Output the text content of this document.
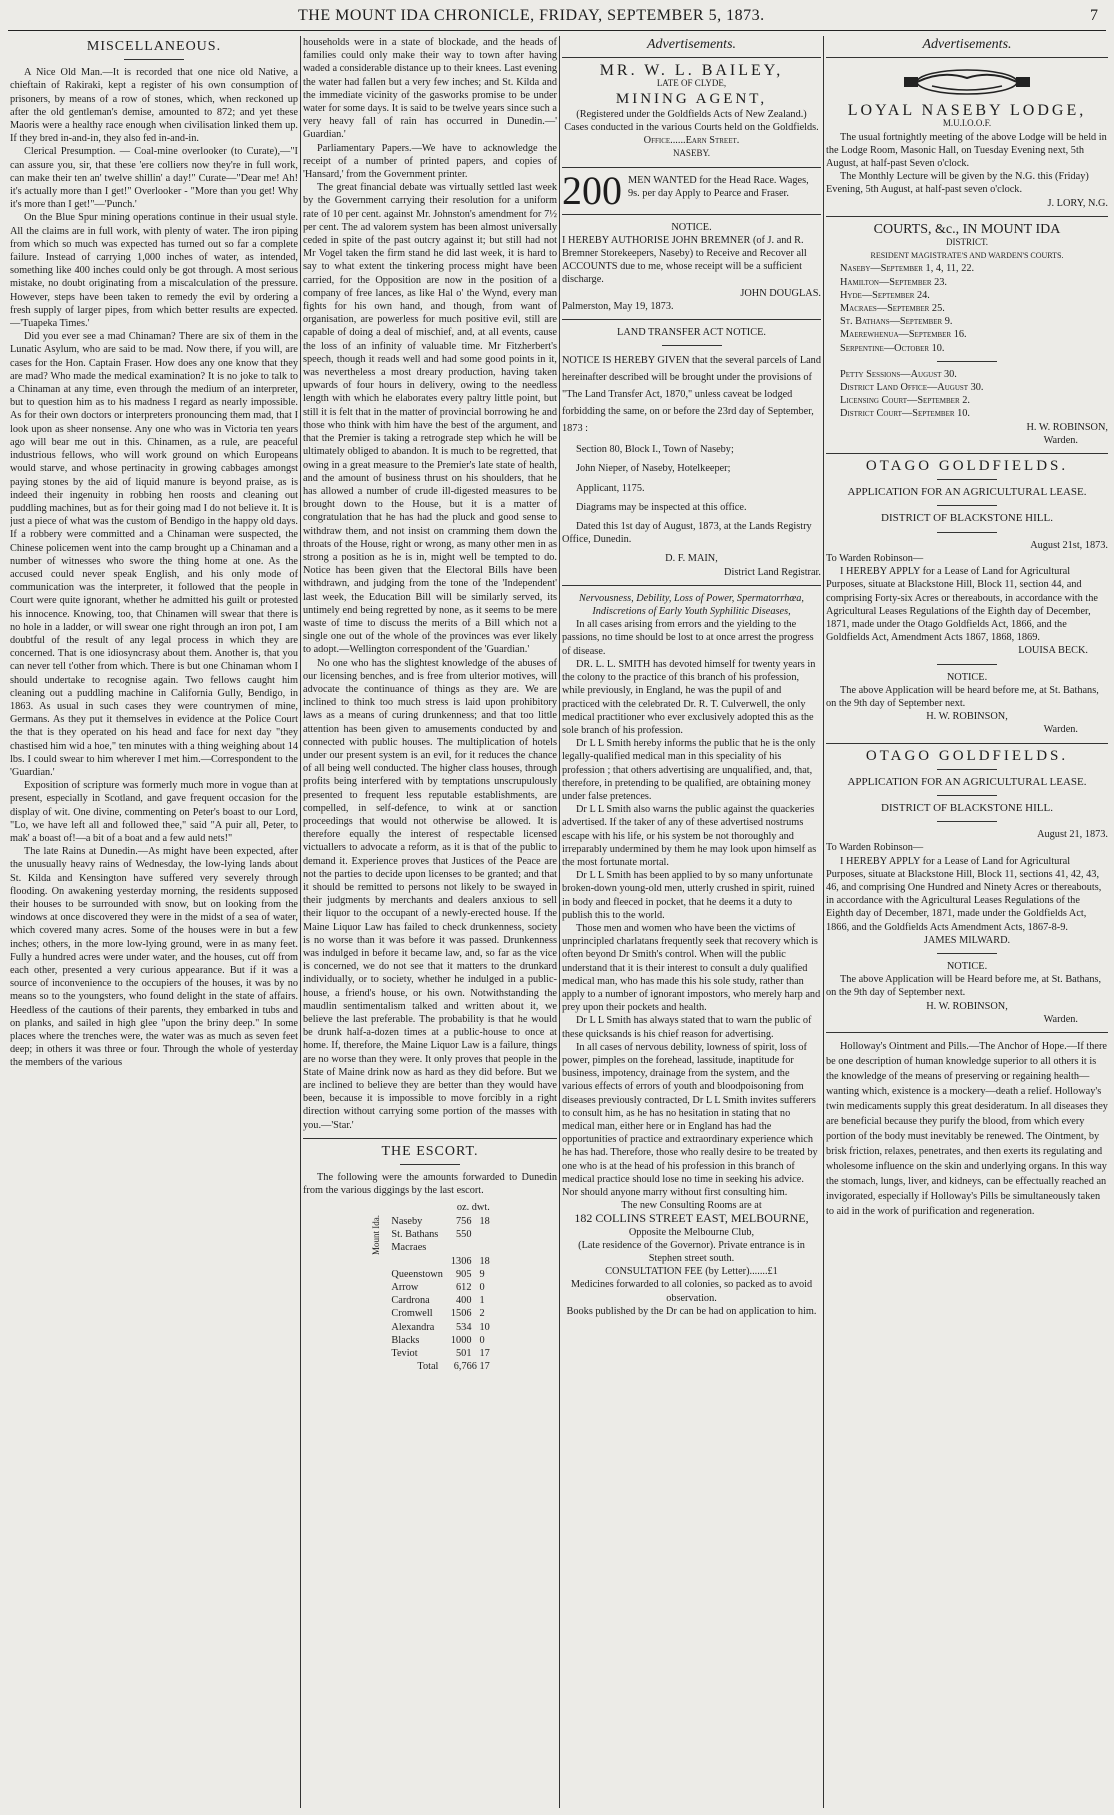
THE MOUNT IDA CHRONICLE, FRIDAY, SEPTEMBER 5, 1873.	7
MISCELLANEOUS.

A Nice Old Man.—It is recorded that one nice old Native, a chieftain of Rakiraki, kept a register of his own consumption of prisoners, by means of a row of stones, which, when reckoned up after the old gentleman's demise, amounted to 872; and yet these Maoris were a healthy race enough when civilisation linked them up. If they bred in-and-in, they also fed in-and-in.

Clerical Presumption. — Coal-mine overlooker (to Curate),—"I can assure you, sir, that these 'ere colliers now they're in full work, can make their ten an' twelve shillin' a day!" Curate—"Dear me! Ah! it's actually more than I get!" Overlooker - "More than you get! Why it's more than I get!"—'Punch.'

On the Blue Spur mining operations continue in their usual style. All the claims are in full work, with plenty of water. The iron piping from which so much was expected has turned out so far a complete failure. Instead of carrying 1,000 inches of water, as intended, something like 400 inches could only be got through. A most serious mistake, no doubt originating from a miscalculation of the pressure. However, steps have been taken to remedy the evil by ordering a fresh supply of larger pipes, from which better results are expected.—'Tuapeka Times.'

Did you ever see a mad Chinaman? There are six of them in the Lunatic Asylum, who are said to be mad. Now there, if you will, are cases for the Hon. Captain Fraser. How does any one know that they are mad? Who made the medical examination? It is no joke to talk to a Chinaman at any time, even through the medium of an interpreter, but to question him as to his madness I regard as nearly impossible. As for their own doctors or interpreters pronouncing them mad, that I look upon as sheer nonsense. Any one who was in Victoria ten years ago will bear me out in this. Chinamen, as a rule, are peaceful industrious fellows, who will work ground on which Europeans would starve, and whose pertinacity in growing cabbages amongst paying stones by the aid of liquid manure is beyond praise, as is indeed their ingenuity in robbing hen roosts and cleaning out puddling machines, but as for their going mad I do not believe it. It is just a piece of what was the custom of Bendigo in the happy old days. If a robbery were committed and a Chinaman were suspected, the Chinese policemen went into the camp brought up a Chinaman and a number of witnesses who swore the thing home at one. As the accused could never speak English, and his only mode of communication was the interpreter, it followed that the people in Court were quite ignorant, whether he admitted his guilt or protested his innocence. Knowing, too, that Chinamen will swear that there is no hole in a ladder, or will swear one right through an iron pot, I am doubtful of the result of any legal process in which they are concerned. That is one idiosyncrasy about them. Another is, that you can never tell t'other from which. There is but one Chinaman whom I should undertake to recognise again. Two fellows caught him cleaning out a puddling machine in California Gully, Bendigo, in 1863. As usual in such cases they were countrymen of mine, Germans. As they put it themselves in evidence at the Police Court the that is they operated on his head and face for next day "they chastised him wid a hoe," ten minutes with a thing weighing about 14 lbs. I could swear to him wherever I met him.—Correspondent to the 'Guardian.'

Exposition of scripture was formerly much more in vogue than at present, especially in Scotland, and gave frequent occasion for the display of wit. One divine, commenting on Peter's boast to our Lord, "Lo, we have left all and followed thee," said "A puir all, Peter, to mak' a boast of!—a bit of a boat and a few auld nets!"

The late Rains at Dunedin.—As might have been expected, after the unusually heavy rains of Wednesday, the low-lying lands about St. Kilda and Kensington have suffered very severely through flooding. On awakening yesterday morning, the residents supposed their houses to be surrounded with snow, but on looking from the windows at once discovered they were in the midst of a sea of water, which covered many acres. Some of the houses were in but a few inches; others, in the more low-lying ground, were in as many feet. Fully a hundred acres were under water, and the houses, cut off from each other, presented a very curious appearance. But if it was a source of inconvenience to the occupiers of the houses, it was by no means so to the youngsters, who found delight in the state of affairs. Heedless of the cautions of their parents, they embarked in tubs and on planks, and sailed in high glee "upon the briny deep." In some places where the trenches were, the water was as much as seven feet deep; in others it was three or four. Through the whole of yesterday the members of the various

households were in a state of blockade, and the heads of families could only make their way to town after having waded a considerable distance up to their knees. Last evening the water had fallen but a very few inches; and St. Kilda and the immediate vicinity of the gasworks promise to be under water for some days. It is said to be twelve years since such a very heavy fall of rain has occurred in Dunedin.—' Guardian.'

Parliamentary Papers.—We have to acknowledge the receipt of a number of printed papers, and copies of 'Hansard,' from the Government printer.

The great financial debate was virtually settled last week by the Government carrying their resolution for a uniform rate of 10 per cent. against Mr. Johnston's amendment for 7½ per cent. The ad valorem system has been almost universally ceded in spite of the past outcry against it; but still had not Mr Vogel taken the firm stand he did last week, it is hard to say to what extent the tinkering process might have been carried, for the Opposition are now in the position of a company of free lances, as like Hal o' the Wynd, every man fights for his own hand, and though, from want of organisation, are powerless for much positive evil, still are capable of doing a deal of mischief, and, at all events, cause the loss of an infinity of valuable time. Mr Fitzherbert's speech, though it reads well and had some good points in it, was nevertheless a most dreary production, having taken upwards of four hours in delivery, owing to the needless length with which he elaborates every paltry little point, but still it is felt that in the matter of provincial borrowing he and those who think with him have the best of the argument, and that the Premier is taking a retrograde step which he will be ultimately obliged to abandon. It is much to be regretted, that owing in a great measure to the Premier's late state of health, and the amount of business thrust on his shoulders, that he has allowed a number of crude ill-digested measures to be brought down to the House, but it is a matter of congratulation that he has had the pluck and good sense to withdraw them, and not insist on cramming them down the throats of the House, right or wrong, as many other men in as strong a position as he is in, might well be tempted to do. Notice has been given that the Electoral Bills have been withdrawn, and judging from the tone of the 'Independent' last week, the Education Bill will be similarly served, its untimely end being regretted by none, as it seems to be mere waste of time to discuss the merits of a Bill which not a single one out of the whole of the provinces was ever likely to adopt.—Wellington correspondent of the 'Guardian.'

No one who has the slightest knowledge of the abuses of our licensing benches, and is free from ulterior motives, will advocate the continuance of things as they are. We are inclined to think too much stress is laid upon prohibitory laws as a means of curing drunkenness; and that too little attention has been given to amusements conducted by and connected with public houses. The multiplication of hotels under our present system is an evil, for it reduces the chance of all being well conducted. The higher class houses, through profits being interfered with by temptations unscrupulously presented to frequent less reputable establishments, are compelled, in self-defence, to wink at or sanction proceedings that would not otherwise be allowed. It is therefore equally the interest of respectable licensed victuallers to advocate a reform, as it is that of the public to demand it. Experience proves that Justices of the Peace are not the parties to decide upon licenses to be granted; and that it should be remitted to persons not likely to be swayed in their judgments by merchants and dealers anxious to sell their liquor to the occupant of a newly-erected house. If the Maine Liquor Law has failed to check drunkenness, society is no worse than it was before it was passed. Drunkenness was indulged in before it became law, and, so far as the vice is concerned, we do not see that it matters to the drunkard individually, or to society, whether he indulged in a public-house, a friend's house, or his own. Notwithstanding the maudlin sentimentalism talked and written about it, we believe the last preferable. The probability is that he would be drunk half-a-dozen times at a public-house to once at home. If, therefore, the Maine Liquor Law is a failure, things are no worse than they were. It only proves that people in the State of Maine drink now as hard as they did before. But we are inclined to believe they are better than they would have been, because it is impossible to move forcibly in a right direction without carrying some portion of the masses with you.—'Star.'

THE ESCORT.

The following were the amounts forwarded to Dunedin from the various diggings by the last escort.

		oz. dwt.	
Mount Ida.	Naseby	756	18
	St. Bathans	550	
	Macraes		
		1306	18
	Queenstown	905	9
	Arrow	612	0
	Cardrona	400	1
	Cromwell	1506	2
	Alexandra	534	10
	Blacks	1000	0
	Teviot	501	17
	Total	6,766 17	
Advertisements.
MR. W. L. BAILEY,
LATE OF CLYDE,
MINING AGENT,
(Registered under the Goldfields Acts of New Zealand.)
Cases conducted in the various Courts held on the Goldfields.
Office......Earn Street.
NASEBY.
200 MEN WANTED for the Head Race. Wages, 9s. per day Apply to Pearce and Fraser.
NOTICE.

I HEREBY AUTHORISE JOHN BREMNER (of J. and R. Bremner Storekeepers, Naseby) to Receive and Recover all ACCOUNTS due to me, whose receipt will be a sufficient discharge.

JOHN DOUGLAS.
Palmerston, May 19, 1873.
LAND TRANSFER ACT NOTICE.

NOTICE IS HEREBY GIVEN that the several parcels of Land hereinafter described will be brought under the provisions of "The Land Transfer Act, 1870," unless caveat be lodged forbidding the same, on or before the 23rd day of September, 1873 :

Section 80, Block I., Town of Naseby;

John Nieper, of Naseby, Hotelkeeper;

Applicant, 1175.

Diagrams may be inspected at this office.

Dated this 1st day of August, 1873, at the Lands Registry Office, Dunedin.

D. F. MAIN,
District Land Registrar.
Nervousness, Debility, Loss of Power, Spermatorrhœa, Indiscretions of Early Youth Syphilitic Diseases,

In all cases arising from errors and the yielding to the passions, no time should be lost to at once arrest the progress of disease.

DR. L. L. SMITH has devoted himself for twenty years in the colony to the practice of this branch of his profession, while previously, in England, he was the pupil of and practiced with the celebrated Dr. R. T. Culverwell, the only medical practitioner who ever exclusively adopted this as the sole branch of his profession.

Dr L L Smith hereby informs the public that he is the only legally-qualified medical man in this speciality of his profession ; that others advertising are unqualified, and, that, therefore, in pretending to be qualified, are obtaining money under false pretences.

Dr L L Smith also warns the public against the quackeries advertised. If the taker of any of these advertised nostrums escape with his life, or his system be not thoroughly and irreparably undermined by them he may look upon himself as the most fortunate mortal.

Dr L L Smith has been applied to by so many unfortunate broken-down young-old men, utterly crushed in spirit, ruined in body and fleeced in pocket, that he deems it a duty to publish this to the world.

Those men and women who have been the victims of unprincipled charlatans frequently seek that recovery which is often beyond Dr Smith's control. When will the public understand that it is their interest to consult a duly qualified medical man, who has made this his sole study, rather than apply to a number of ignorant impostors, who merely harp and prey upon their pockets and health.

Dr L L Smith has always stated that to warn the public of these quicksands is his chief reason for advertising.

In all cases of nervous debility, lowness of spirit, loss of power, pimples on the forehead, lassitude, inaptitude for business, impotency, drainage from the system, and the various effects of errors of youth and bloodpoisoning from diseases previously contracted, Dr L L Smith invites sufferers to consult him, as he has no hesitation in stating that no medical man, either here or in England has had the opportunities of practice and extraordinary experience which he has had. Therefore, those who really desire to be treated by one who is at the head of his profession in this branch of medical practice should lose no time in seeking his advice. Nor should anyone marry without first consulting him.

The new Consulting Rooms are at

182 COLLINS STREET EAST, MELBOURNE,
Opposite the Melbourne Club,
(Late residence of the Governor). Private entrance is in Stephen street south.
CONSULTATION FEE (by Letter).......£1
Medicines forwarded to all colonies, so packed as to avoid observation.
Books published by the Dr can be had on application to him.
Advertisements.
LOYAL NASEBY LODGE,
M.U.I.O.O.F.

The usual fortnightly meeting of the above Lodge will be held in the Lodge Room, Masonic Hall, on Tuesday Evening next, 5th August, at half-past Seven o'clock.

The Monthly Lecture will be given by the N.G. this (Friday) Evening, 5th August, at half-past seven o'clock.

J. LORY, N.G.
COURTS, &c., IN MOUNT IDA
DISTRICT.
RESIDENT MAGISTRATE'S AND WARDEN'S COURTS.
Naseby—September 1, 4, 11, 22.
Hamilton—September 23.
Hyde—September 24.
Macraes—September 25.
St. Bathans—September 9.
Maerewhenua—September 16.
Serpentine—October 10.
Petty Sessions—August 30.
District Land Office—August 30.
Licensing Court—September 2.
District Court—September 10.
H. W. ROBINSON,
Warden.
OTAGO GOLDFIELDS.
APPLICATION FOR AN AGRICULTURAL LEASE.
DISTRICT OF BLACKSTONE HILL.
August 21st, 1873.
To Warden Robinson—

I HEREBY APPLY for a Lease of Land for Agricultural Purposes, situate at Blackstone Hill, Block 11, section 44, and comprising Forty-six Acres or thereabouts, in accordance with the Agricultural Leases Regulations of the Eighth day of December, 1871, made under the Otago Goldfields Act, 1866, and the Goldfields Act, Amendment Acts 1867, 1868, 1869.

LOUISA BECK.
NOTICE.

The above Application will be heard before me, at St. Bathans, on the 9th day of September next.

H. W. ROBINSON,
Warden.
OTAGO GOLDFIELDS.
APPLICATION FOR AN AGRICULTURAL LEASE.
DISTRICT OF BLACKSTONE HILL.
August 21, 1873.
To Warden Robinson—

I HEREBY APPLY for a Lease of Land for Agricultural Purposes, situate at Blackstone Hill, Block 11, sections 41, 42, 43, 46, and comprising One Hundred and Ninety Acres or thereabouts, in accordance with the Agricultural Leases Regulations of the Eighth day of December, 1871, made under the Goldfields Act, 1866, and the Goldfields Acts Amendment Acts, 1867-8-9.

JAMES MILWARD.
NOTICE.

The above Application will be Heard before me, at St. Bathans, on the 9th day of September next.

H. W. ROBINSON,
Warden.

Holloway's Ointment and Pills.—The Anchor of Hope.—If there be one description of human knowledge superior to all others it is the knowledge of the means of preserving or regaining health—wanting which, existence is a mockery—death a relief. Holloway's twin medicaments supply this great desideratum. In all diseases they are beneficial because they purify the blood, from which every portion of the body must inevitably be renewed. The Ointment, by brisk friction, relaxes, penetrates, and then exerts its regulating and wholesome influence on the skin and underlying organs. In this way the stomach, lungs, liver, and kidneys, can be effectually reached an invigorated, especially if Holloway's Pills be simultaneously taken to aid in the work of purification and regeneration.
